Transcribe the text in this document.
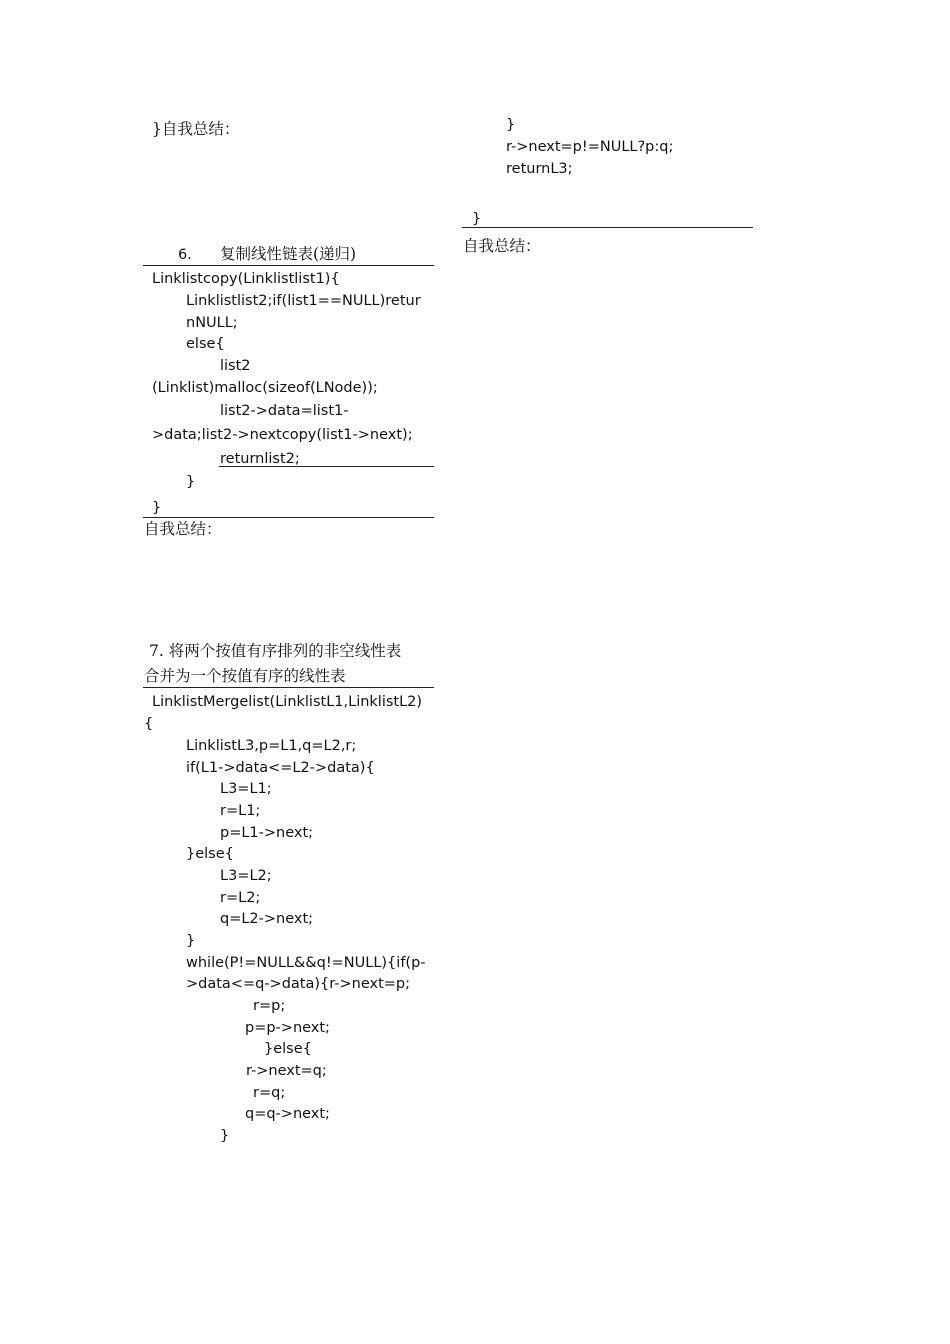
}自我总结：
6. 复制线性链表(递归)
Linklistcopy(Linklistlist1){
Linklistlist2;if(list1==NULL)retur
nNULL;
else{
list2
(Linklist)malloc(sizeof(LNode));
list2->data=list1-
>data;list2->nextcopy(list1->next);
returnlist2;
}
}
自我总结：
7. 将两个按值有序排列的非空线性表
合并为一个按值有序的线性表
LinklistMergelist(LinklistL1,LinklistL2)
{
LinklistL3,p=L1,q=L2,r;
if(L1->data<=L2->data){
L3=L1;
r=L1;
p=L1->next;
}else{
L3=L2;
r=L2;
q=L2->next;
}
while(P!=NULL&&q!=NULL){if(p-
>data<=q->data){r->next=p;
r=p;
p=p->next;
}else{
r->next=q;
r=q;
q=q->next;
}
}
r->next=p!=NULL?p:q;
returnL3;
}
自我总结：
